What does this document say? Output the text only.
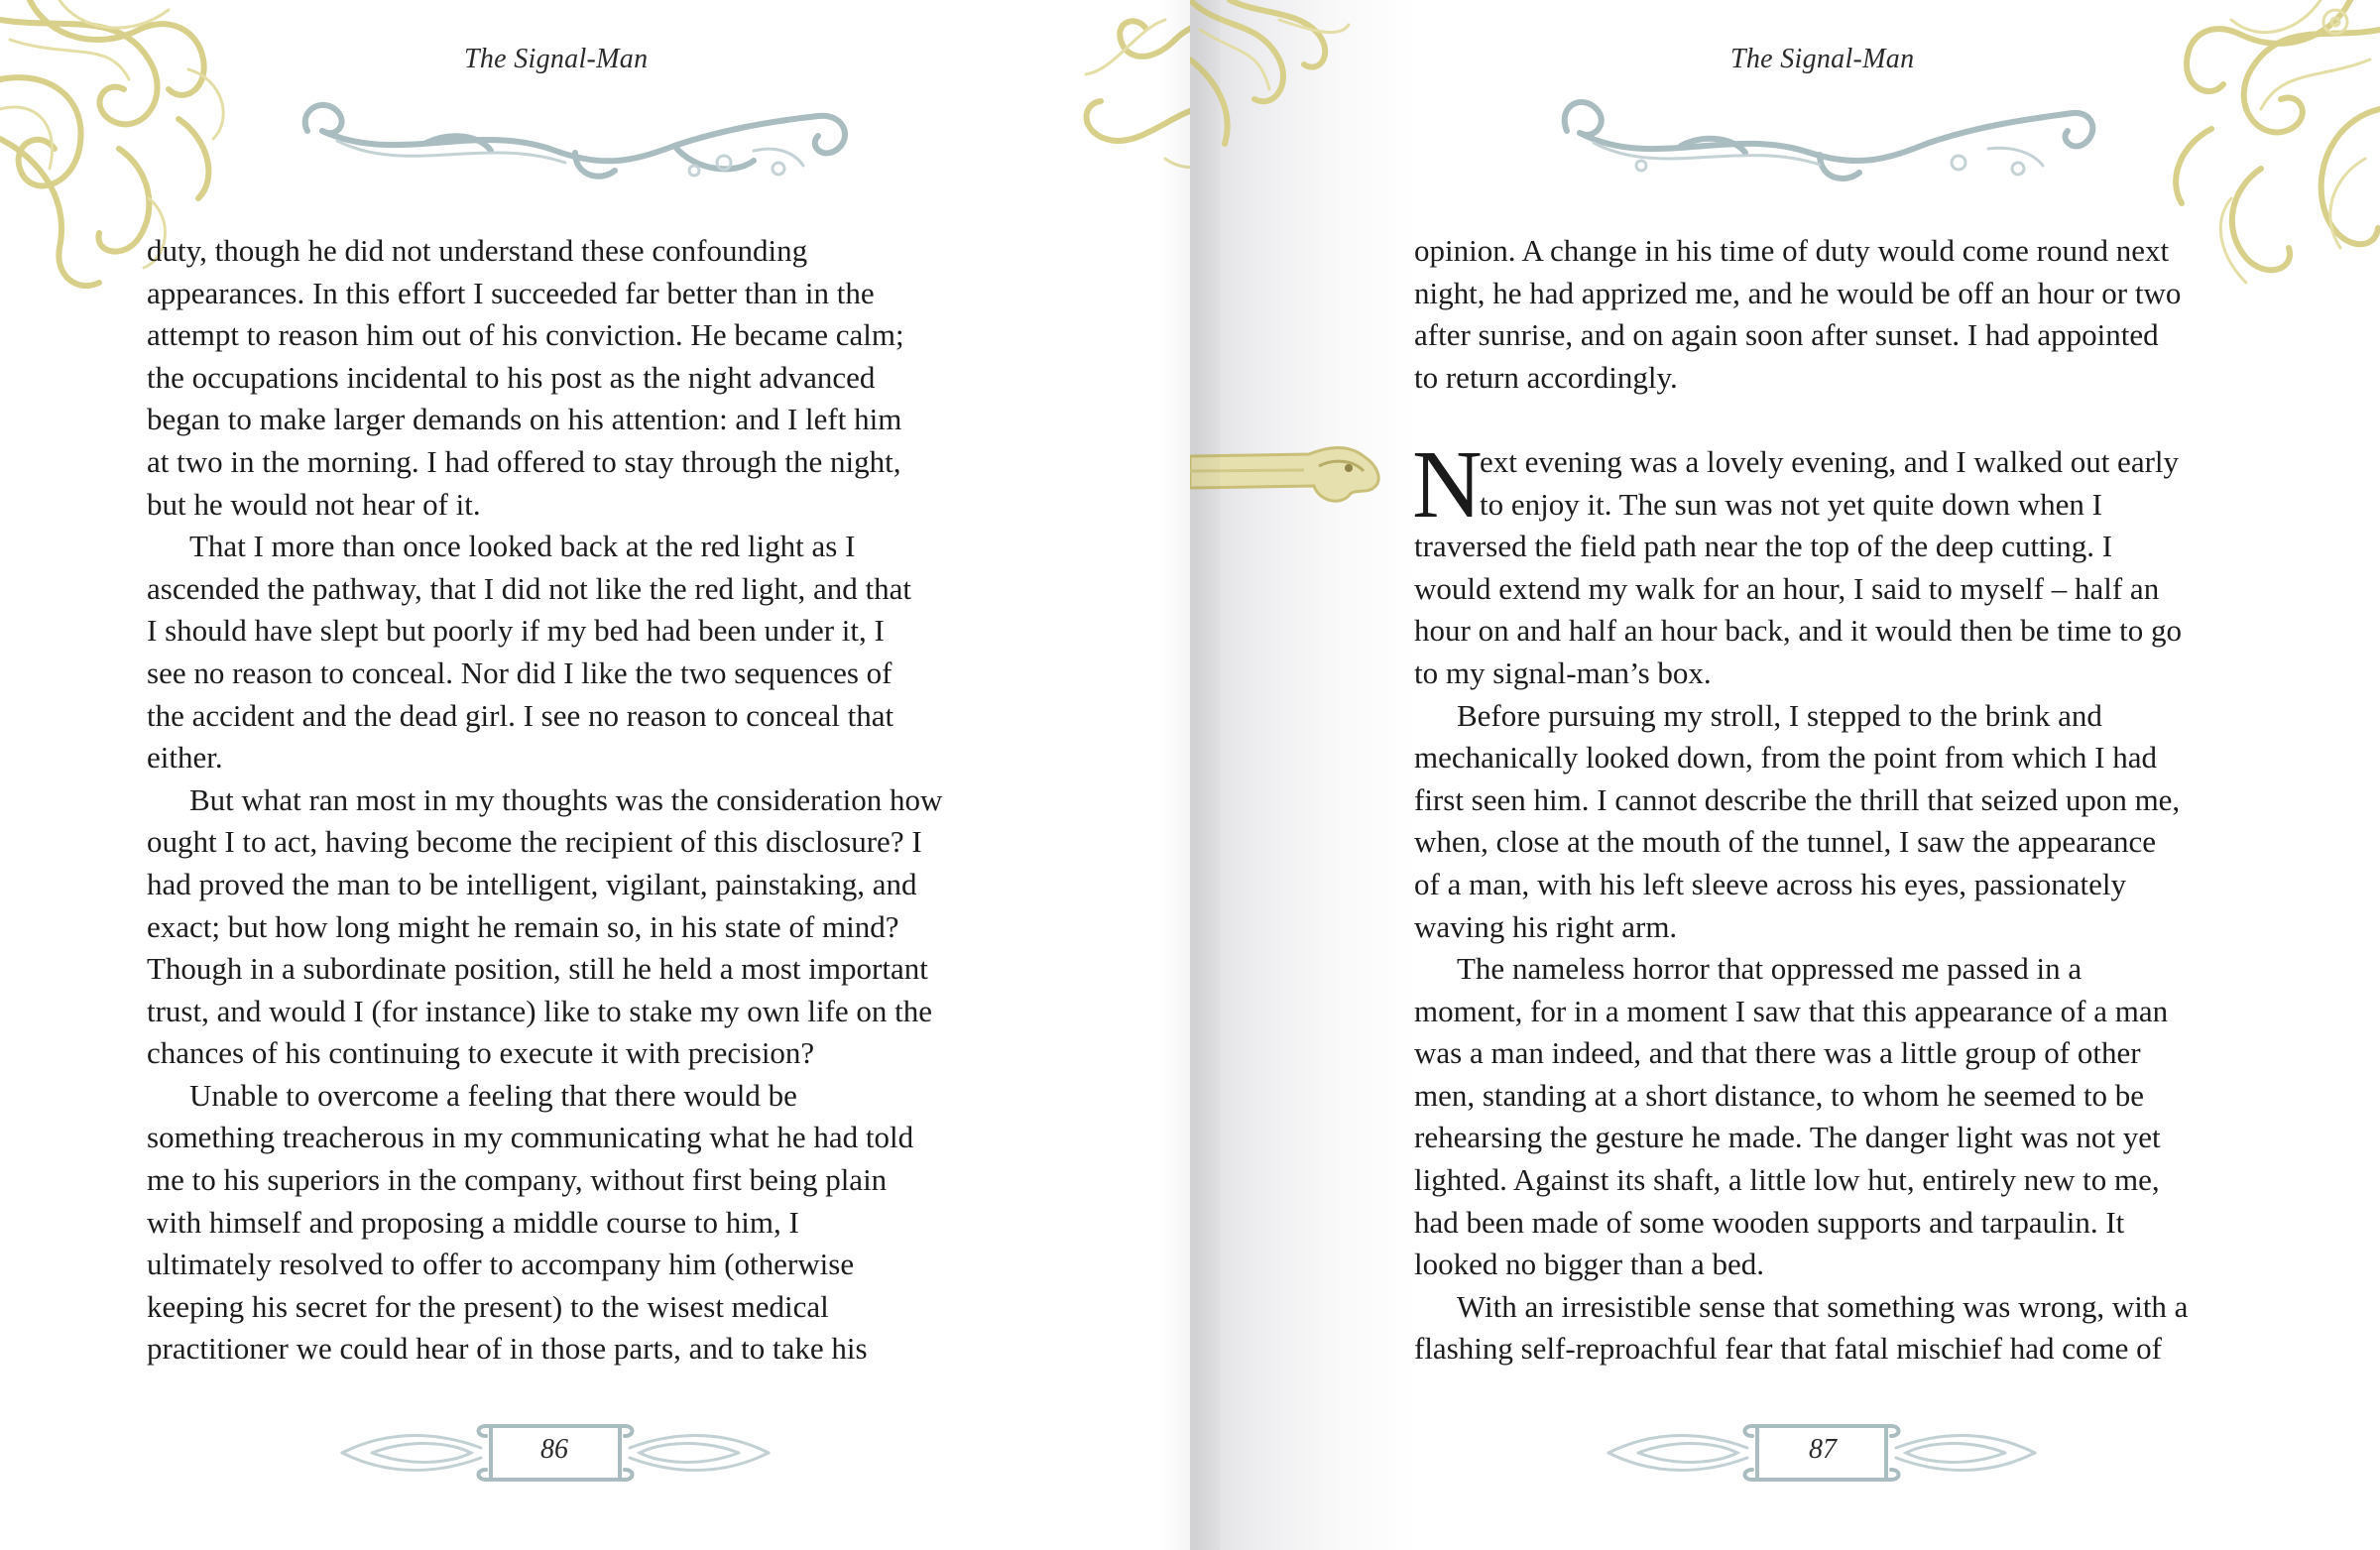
The Signal-Man
duty, though he did not understand these confounding
appearances. In this effort I succeeded far better than in the
attempt to reason him out of his conviction. He became calm;
the occupations incidental to his post as the night advanced
began to make larger demands on his attention: and I left him
at two in the morning. I had offered to stay through the night,
but he would not hear of it.
That I more than once looked back at the red light as I
ascended the pathway, that I did not like the red light, and that
I should have slept but poorly if my bed had been under it, I
see no reason to conceal. Nor did I like the two sequences of
the accident and the dead girl. I see no reason to conceal that
either.
But what ran most in my thoughts was the consideration how
ought I to act, having become the recipient of this disclosure? I
had proved the man to be intelligent, vigilant, painstaking, and
exact; but how long might he remain so, in his state of mind?
Though in a subordinate position, still he held a most important
trust, and would I (for instance) like to stake my own life on the
chances of his continuing to execute it with precision?
Unable to overcome a feeling that there would be
something treacherous in my communicating what he had told
me to his superiors in the company, without first being plain
with himself and proposing a middle course to him, I
ultimately resolved to offer to accompany him (otherwise
keeping his secret for the present) to the wisest medical
practitioner we could hear of in those parts, and to take his
86
The Signal-Man
opinion. A change in his time of duty would come round next
night, he had apprized me, and he would be off an hour or two
after sunrise, and on again soon after sunset. I had appointed
to return accordingly.
N
ext evening was a lovely evening, and I walked out early
to enjoy it. The sun was not yet quite down when I
traversed the field path near the top of the deep cutting. I
would extend my walk for an hour, I said to myself – half an
hour on and half an hour back, and it would then be time to go
to my signal-man’s box.
Before pursuing my stroll, I stepped to the brink and
mechanically looked down, from the point from which I had
first seen him. I cannot describe the thrill that seized upon me,
when, close at the mouth of the tunnel, I saw the appearance
of a man, with his left sleeve across his eyes, passionately
waving his right arm.
The nameless horror that oppressed me passed in a
moment, for in a moment I saw that this appearance of a man
was a man indeed, and that there was a little group of other
men, standing at a short distance, to whom he seemed to be
rehearsing the gesture he made. The danger light was not yet
lighted. Against its shaft, a little low hut, entirely new to me,
had been made of some wooden supports and tarpaulin. It
looked no bigger than a bed.
With an irresistible sense that something was wrong, with a
flashing self-reproachful fear that fatal mischief had come of
87
